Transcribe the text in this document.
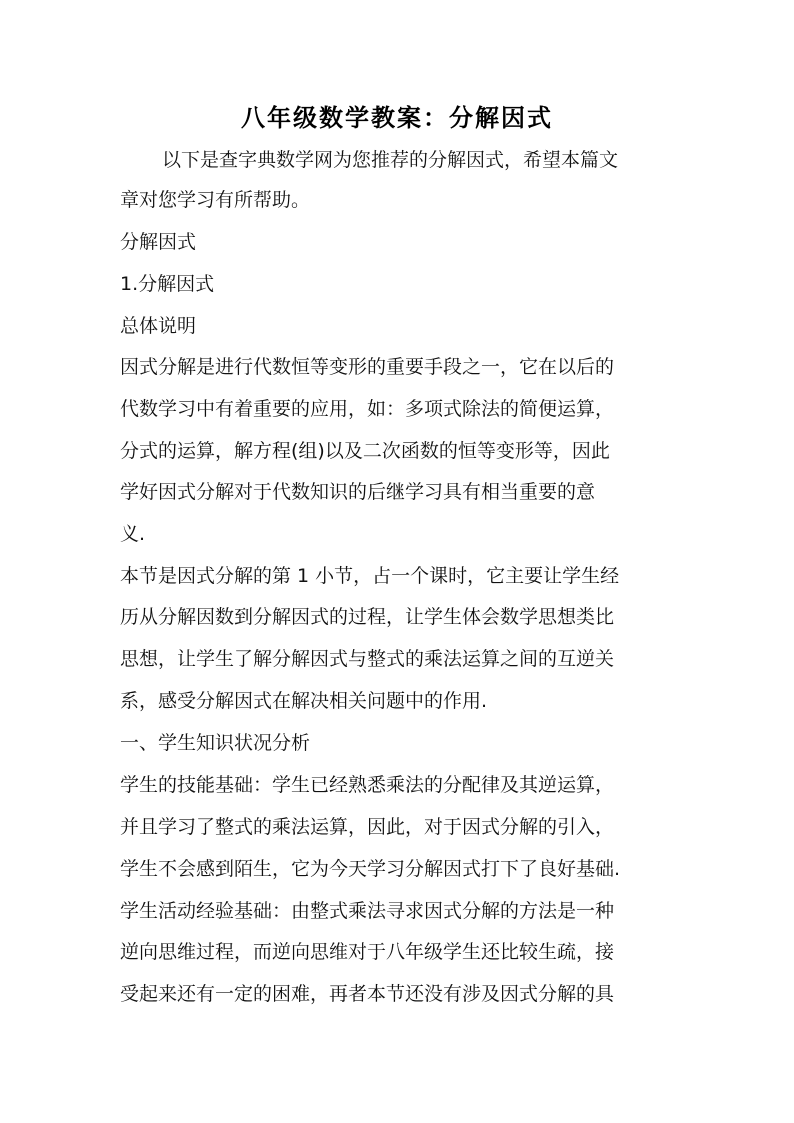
八年级数学教案：分解因式
以下是查字典数学网为您推荐的分解因式，希望本篇文
章对您学习有所帮助。
分解因式
1.分解因式
总体说明
因式分解是进行代数恒等变形的重要手段之一，它在以后的
代数学习中有着重要的应用，如：多项式除法的简便运算，
分式的运算，解方程(组)以及二次函数的恒等变形等，因此
学好因式分解对于代数知识的后继学习具有相当重要的意
义.
本节是因式分解的第 1 小节，占一个课时，它主要让学生经
历从分解因数到分解因式的过程，让学生体会数学思想类比
思想，让学生了解分解因式与整式的乘法运算之间的互逆关
系，感受分解因式在解决相关问题中的作用.
一、学生知识状况分析
学生的技能基础：学生已经熟悉乘法的分配律及其逆运算，
并且学习了整式的乘法运算，因此，对于因式分解的引入，
学生不会感到陌生，它为今天学习分解因式打下了良好基础.
学生活动经验基础：由整式乘法寻求因式分解的方法是一种
逆向思维过程，而逆向思维对于八年级学生还比较生疏，接
受起来还有一定的困难，再者本节还没有涉及因式分解的具
